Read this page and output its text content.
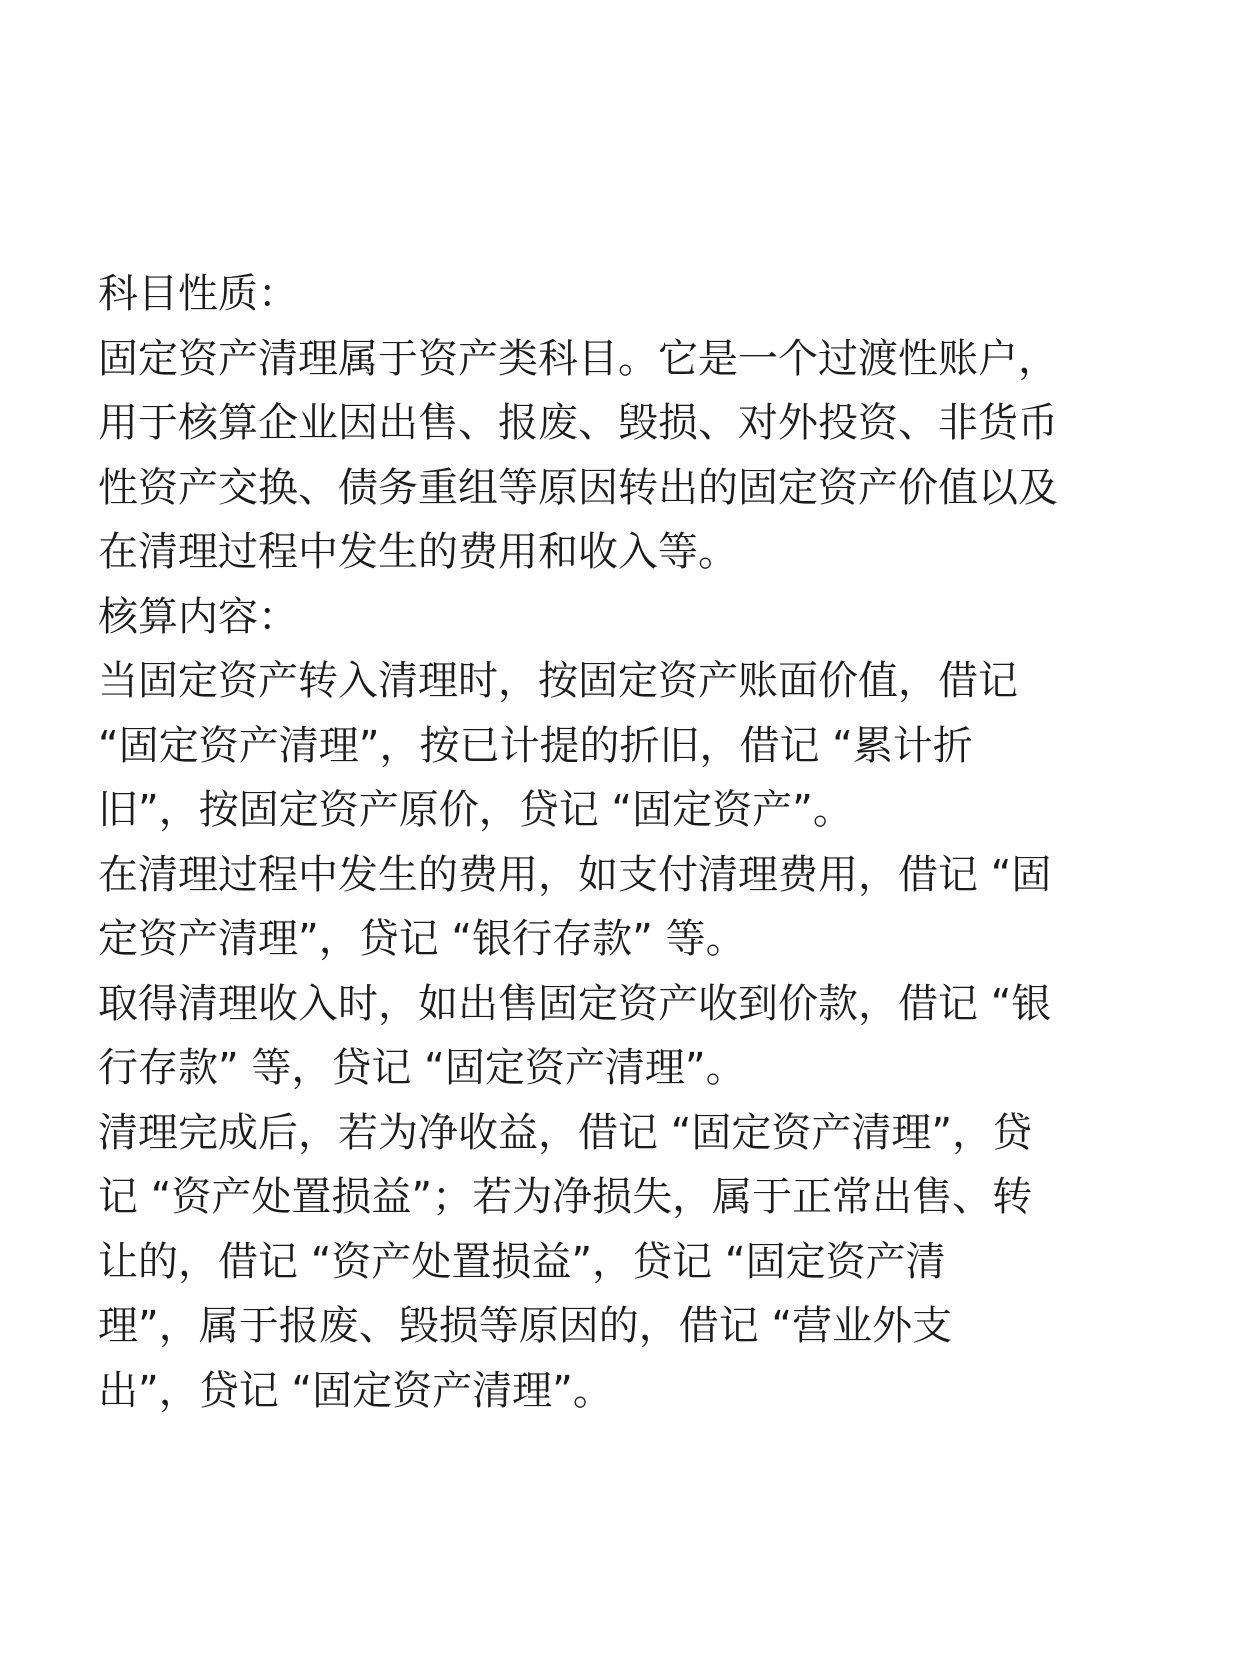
科目性质：
固定资产清理属于资产类科目。它是一个过渡性账户，
用于核算企业因出售、报废、毁损、对外投资、非货币
性资产交换、债务重组等原因转出的固定资产价值以及
在清理过程中发生的费用和收入等。
核算内容：
当固定资产转入清理时，按固定资产账面价值，借记
“固定资产清理”，按已计提的折旧，借记 “累计折
旧”，按固定资产原价，贷记 “固定资产”。
在清理过程中发生的费用，如支付清理费用，借记 “固
定资产清理”，贷记 “银行存款” 等。
取得清理收入时，如出售固定资产收到价款，借记 “银
行存款” 等，贷记 “固定资产清理”。
清理完成后，若为净收益，借记 “固定资产清理”，贷
记 “资产处置损益”；若为净损失，属于正常出售、转
让的，借记 “资产处置损益”，贷记 “固定资产清
理”，属于报废、毁损等原因的，借记 “营业外支
出”，贷记 “固定资产清理”。
